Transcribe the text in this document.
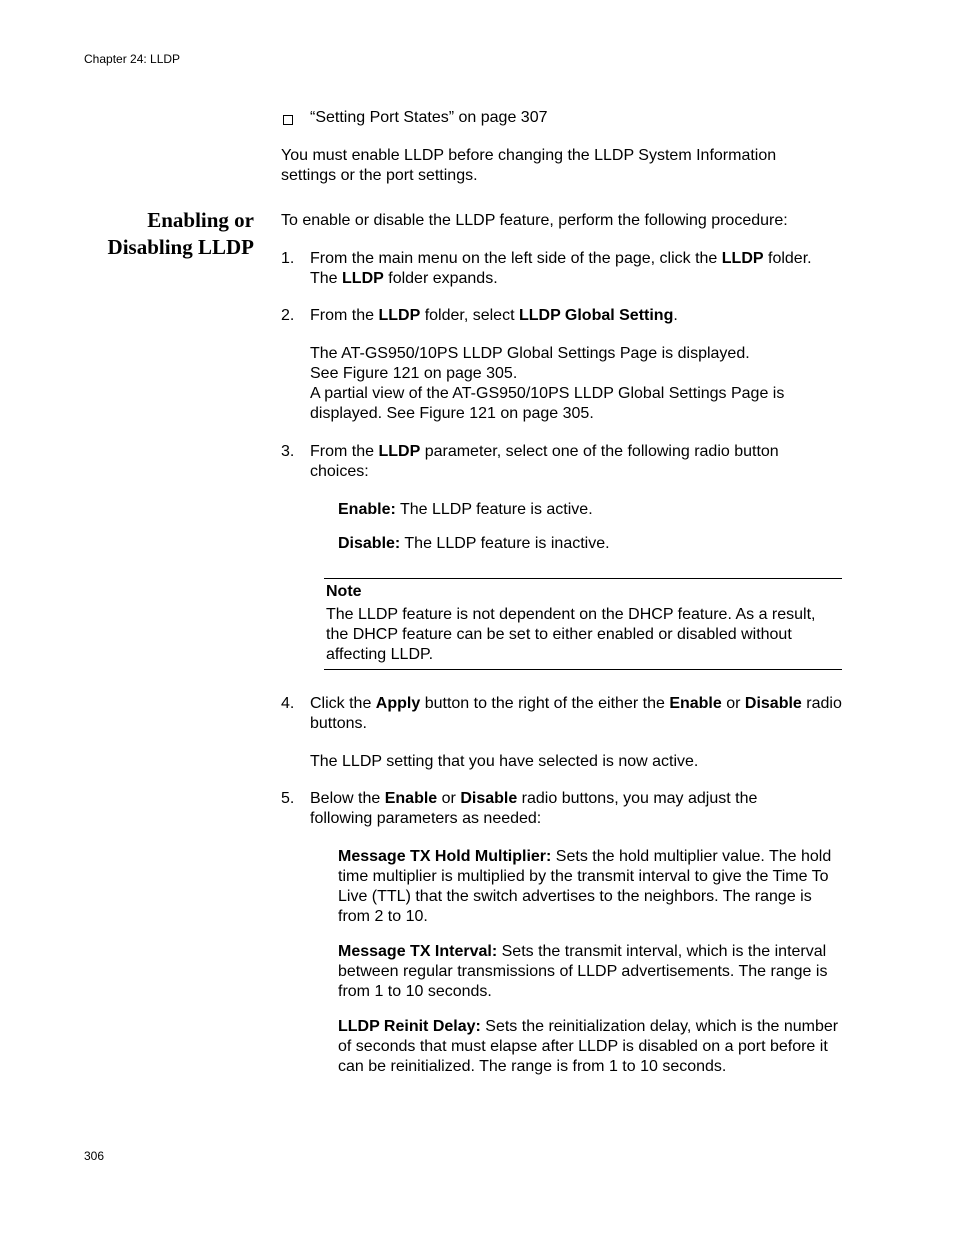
Chapter 24: LLDP
“Setting Port States” on page 307
You must enable LLDP before changing the LLDP System Information settings or the port settings.
Enabling or
Disabling LLDP
To enable or disable the LLDP feature, perform the following procedure:
1. From the main menu on the left side of the page, click the LLDP folder.
The LLDP folder expands.
2. From the LLDP folder, select LLDP Global Setting.
The AT-GS950/10PS LLDP Global Settings Page is displayed.
See Figure 121 on page 305.
A partial view of the AT-GS950/10PS LLDP Global Settings Page is displayed. See Figure 121 on page 305.
3. From the LLDP parameter, select one of the following radio button choices:
Enable: The LLDP feature is active.
Disable: The LLDP feature is inactive.
Note
The LLDP feature is not dependent on the DHCP feature. As a result, the DHCP feature can be set to either enabled or disabled without affecting LLDP.
4. Click the Apply button to the right of the either the Enable or Disable radio buttons.
The LLDP setting that you have selected is now active.
5. Below the Enable or Disable radio buttons, you may adjust the following parameters as needed:
Message TX Hold Multiplier: Sets the hold multiplier value. The hold time multiplier is multiplied by the transmit interval to give the Time To Live (TTL) that the switch advertises to the neighbors. The range is from 2 to 10.
Message TX Interval: Sets the transmit interval, which is the interval between regular transmissions of LLDP advertisements. The range is from 1 to 10 seconds.
LLDP Reinit Delay: Sets the reinitialization delay, which is the number of seconds that must elapse after LLDP is disabled on a port before it can be reinitialized. The range is from 1 to 10 seconds.
306
